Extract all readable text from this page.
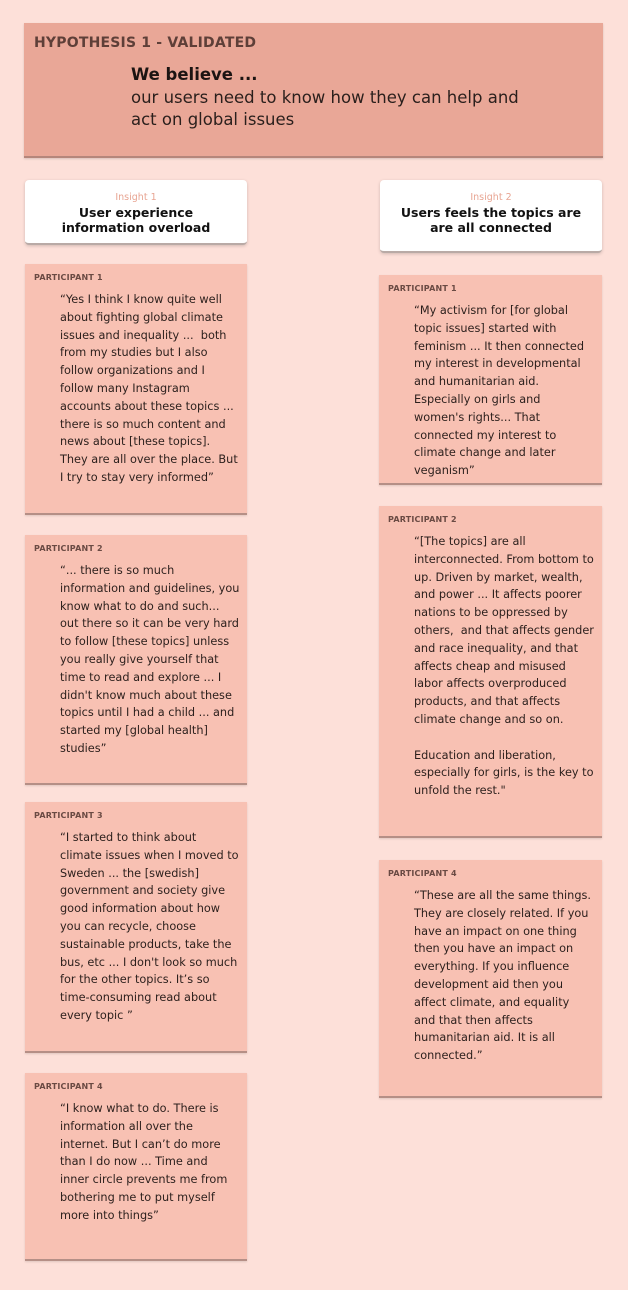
HYPOTHESIS 1 - VALIDATED
We believe ...
our users need to know how they can help and act on global issues
Insight 1
User experience information overload
PARTICIPANT 1
“Yes I think I know quite well about fighting global climate issues and inequality ...  both from my studies but I also follow organizations and I follow many Instagram accounts about these topics ... there is so much content and news about [these topics]. They are all over the place. But I try to stay very informed”
PARTICIPANT 2
“... there is so much information and guidelines, you know what to do and such... out there so it can be very hard to follow [these topics] unless you really give yourself that time to read and explore ... I didn't know much about these topics until I had a child ... and started my [global health] studies”
PARTICIPANT 3
“I started to think about climate issues when I moved to Sweden ... the [swedish] government and society give good information about how you can recycle, choose sustainable products, take the bus, etc ... I don't look so much for the other topics. It’s so time-consuming read about every topic ”
PARTICIPANT 4
“I know what to do. There is information all over the internet. But I can’t do more than I do now ... Time and inner circle prevents me from bothering me to put myself more into things”
Insight 2
Users feels the topics are are all connected
PARTICIPANT 1
“My activism for [for global topic issues] started with feminism ... It then connected my interest in developmental and humanitarian aid. Especially on girls and women's rights... That connected my interest to climate change and later veganism”
PARTICIPANT 2
“[The topics] are all interconnected. From bottom to up. Driven by market, wealth, and power ... It affects poorer nations to be oppressed by others,  and that affects gender and race inequality, and that affects cheap and misused labor affects overproduced products, and that affects climate change and so on.

Education and liberation, especially for girls, is the key to unfold the rest."
PARTICIPANT 4
“These are all the same things. They are closely related. If you have an impact on one thing then you have an impact on everything. If you influence development aid then you affect climate, and equality and that then affects humanitarian aid. It is all connected.”
